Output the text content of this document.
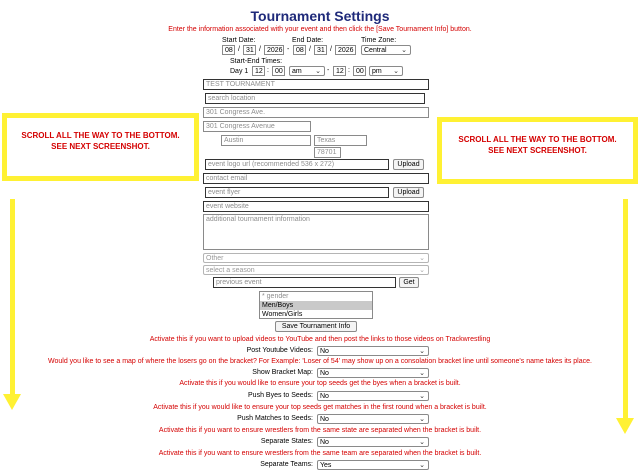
Tournament Settings
Enter the information associated with your event and then click the [Save Tournament Info] button.
Start Date:	End Date:	Time Zone:
08 / 31 / 2026 - 08 / 31 / 2026	Central ⌄
Start-End Times:
Day 1 12 : 00	am ⌄ - 12 : 00	pm ⌄
TEST TOURNAMENT
search location
301 Congress Ave.
301 Congress Avenue
Austin	Texas
78701
event logo url (recommended 536 x 272)	Upload
contact email
event flyer	Upload
event website
additional tournament information
Other	⌄
select a season	⌄
previous event	Get
* gender
Men/Boys
Women/Girls
Save Tournament Info
Activate this if you want to upload videos to YouTube and then post the links to those videos on Trackwrestling
Post Youtube Videos:	No	⌄
Would you like to see a map of where the losers go on the bracket? For Example: 'Loser of 54' may show up on a consolation bracket line until someone's name takes its place.
Show Bracket Map:	No	⌄
Activate this if you would like to ensure your top seeds get the byes when a bracket is built.
Push Byes to Seeds:	No	⌄
Activate this if you would like to ensure your top seeds get matches in the first round when a bracket is built.
Push Matches to Seeds:	No	⌄
Activate this if you want to ensure wrestlers from the same state are separated when the bracket is built.
Separate States:	No	⌄
Activate this if you want to ensure wrestlers from the same team are separated when the bracket is built.
Separate Teams:	Yes	⌄
SCROLL ALL THE WAY TO THE BOTTOM.
SEE NEXT SCREENSHOT.
SCROLL ALL THE WAY TO THE BOTTOM.
SEE NEXT SCREENSHOT.
